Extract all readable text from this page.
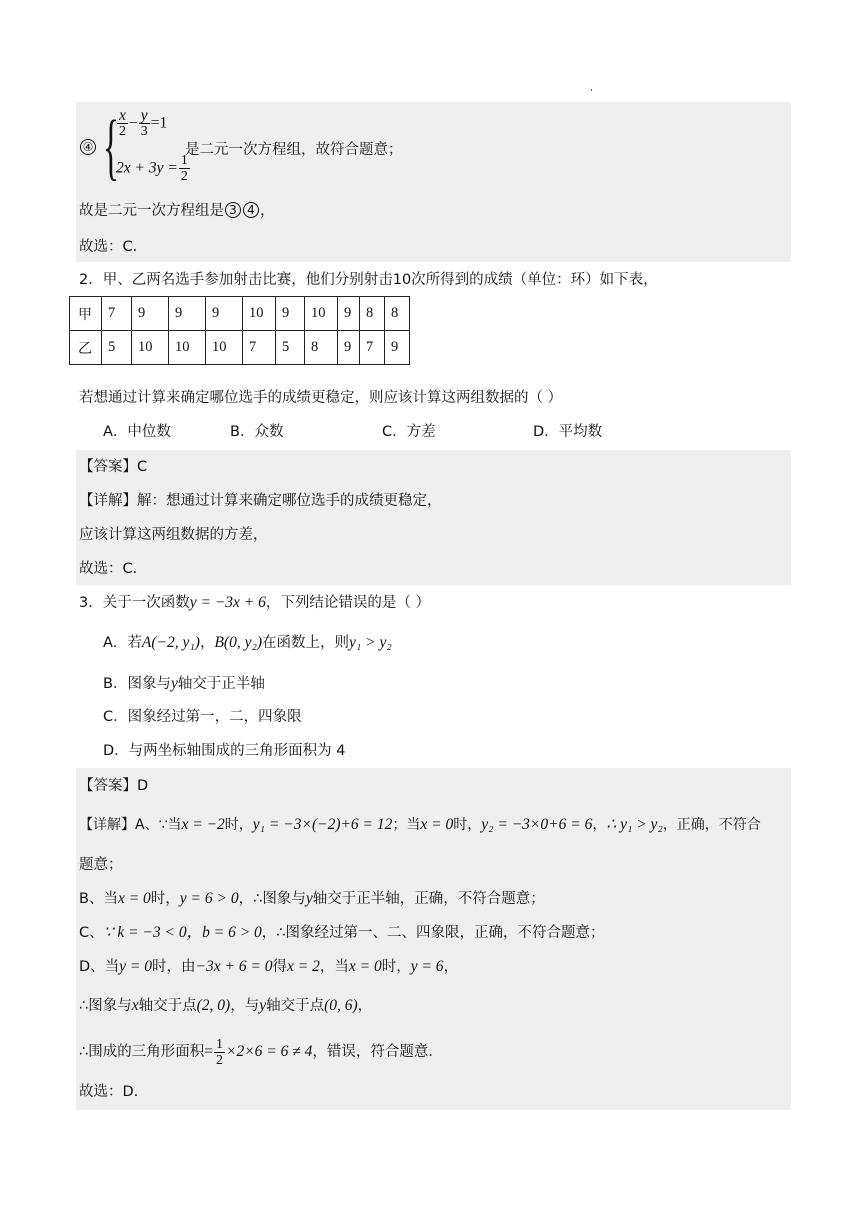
④ {
$\frac{x}{2} - \frac{y}{3} =1$
$2x + 3y = \frac{1}{2}$
是二元一次方程组，故符合题意；
故是二元一次方程组是 3 4 ，
故选：C.
2．甲、乙两名选手参加射击比赛，他们分别射击10次所得到的成绩（单位：环）如下表，
甲	7	9	9	9	10	9	10	9	8	8
乙	5	10	10	10	7	5	8	9	7	9
若想通过计算来确定哪位选手的成绩更稳定，则应该计算这两组数据的（ ）
A．中位数	B．众数	C．方差	D．平均数
【答案】C
【详解】解：想通过计算来确定哪位选手的成绩更稳定，
应该计算这两组数据的方差，
故选：C.
3．关于一次函数y = −3x + 6，下列结论错误的是（ ）
A．若A(−2, y₁)，B(0, y₂)在函数上，则y₁ > y₂
B．图象与y轴交于正半轴
C．图象经过第一，二，四象限
D．与两坐标轴围成的三角形面积为 4
【答案】D
【详解】A、∵当x = −2时，y₁ = −3×(−2)+6 = 12；当x = 0时，y₂ = −3×0+6 = 6，∴ y₁ > y₂，正确，不符合
题意；
B、当x = 0时，y = 6 > 0，∴图象与y轴交于正半轴，正确，不符合题意；
C、∵ k = −3 < 0，b = 6 > 0，∴图象经过第一、二、四象限，正确，不符合题意；
D、当y = 0时，由−3x + 6 = 0得x = 2，当x = 0时，y = 6，
∴图象与x轴交于点(2, 0)，与y轴交于点(0, 6)，
∴围成的三角形面积= $\frac{1}{2} \times 2\times 6 = 6 \ne 4$，错误，符合题意．
故选：D.
